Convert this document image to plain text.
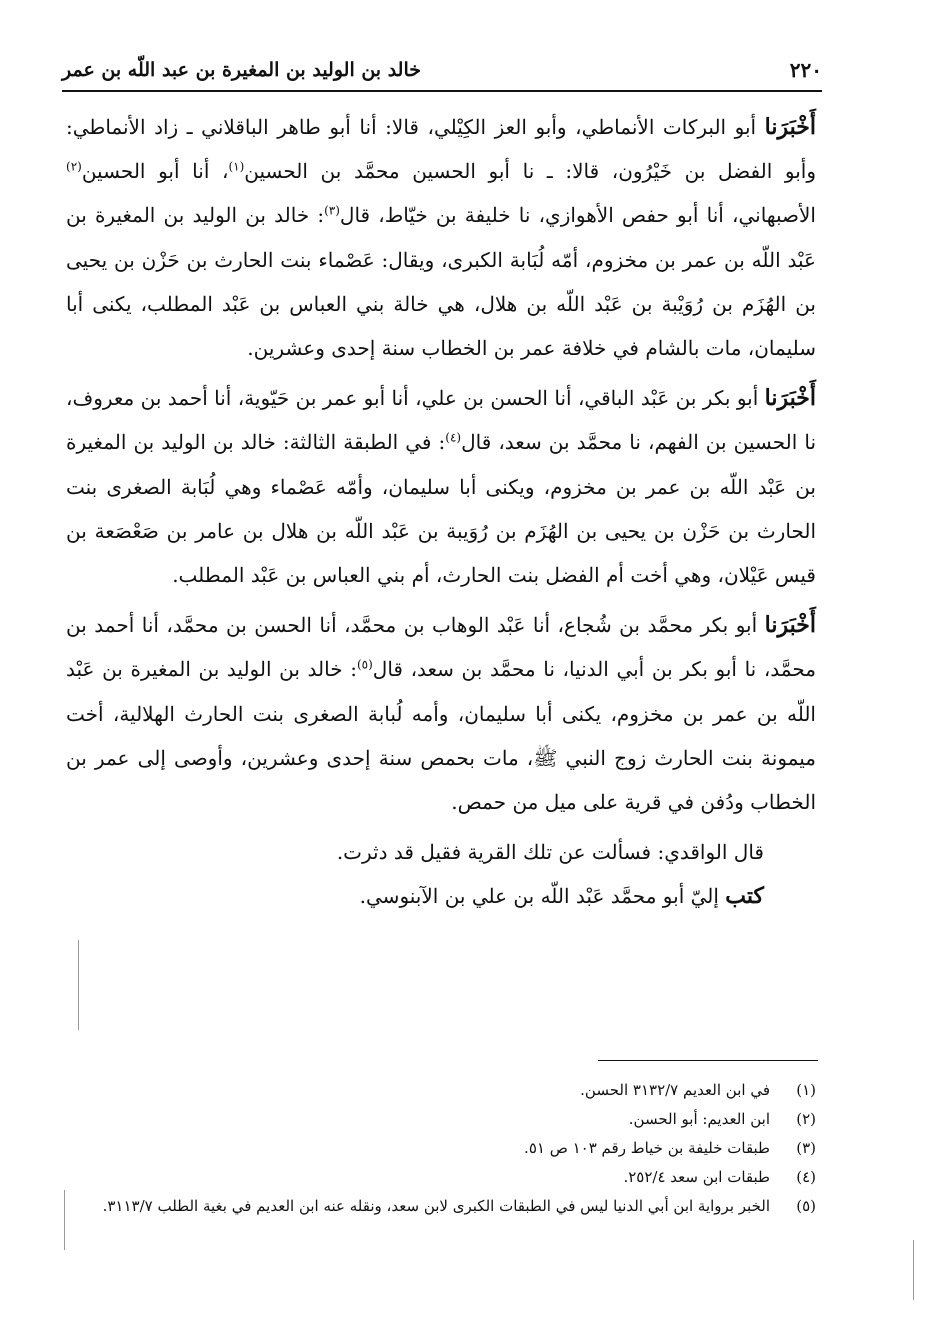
٢٢٠
خالد بن الوليد بن المغيرة بن عبد اللّه بن عمر

أَخْبَرَنا أبو البركات الأنماطي، وأبو العز الكِيْلي، قالا: أنا أبو طاهر الباقلاني ـ زاد الأنماطي: وأبو الفضل بن خَيْرُون، قالا: ـ نا أبو الحسين محمَّد بن الحسين$^{(١)}$، أنا أبو الحسين$^{(٢)}$ الأصبهاني، أنا أبو حفص الأهوازي، نا خليفة بن خيّاط، قال$^{(٣)}$: خالد بن الوليد بن المغيرة بن عَبْد اللّه بن عمر بن مخزوم، أمّه لُبَابة الكبرى، ويقال: عَصْماء بنت الحارث بن حَزْن بن يحيى بن الهُزَم بن رُوَيْبة بن عَبْد اللّه بن هلال، هي خالة بني العباس بن عَبْد المطلب، يكنى أبا سليمان، مات بالشام في خلافة عمر بن الخطاب سنة إحدى وعشرين.

أَخْبَرَنا أبو بكر بن عَبْد الباقي، أنا الحسن بن علي، أنا أبو عمر بن حَيّوية، أنا أحمد بن معروف، نا الحسين بن الفهم، نا محمَّد بن سعد، قال$^{(٤)}$: في الطبقة الثالثة: خالد بن الوليد بن المغيرة بن عَبْد اللّه بن عمر بن مخزوم، ويكنى أبا سليمان، وأمّه عَصْماء وهي لُبَابة الصغرى بنت الحارث بن حَزْن بن يحيى بن الهُزَم بن رُوَيبة بن عَبْد اللّه بن هلال بن عامر بن صَعْصَعة بن قيس عَيْلان، وهي أخت أم الفضل بنت الحارث، أم بني العباس بن عَبْد المطلب.

أَخْبَرَنا أبو بكر محمَّد بن شُجاع، أنا عَبْد الوهاب بن محمَّد، أنا الحسن بن محمَّد، أنا أحمد بن محمَّد، نا أبو بكر بن أبي الدنيا، نا محمَّد بن سعد، قال$^{(٥)}$: خالد بن الوليد بن المغيرة بن عَبْد اللّه بن عمر بن مخزوم، يكنى أبا سليمان، وأمه لُبابة الصغرى بنت الحارث الهلالية، أخت ميمونة بنت الحارث زوج النبي ﷺ، مات بحمص سنة إحدى وعشرين، وأوصى إلى عمر بن الخطاب ودُفن في قرية على ميل من حمص.

قال الواقدي: فسألت عن تلك القرية فقيل قد دثرت.

كتب إليّ أبو محمَّد عَبْد اللّه بن علي بن الآبنوسي.

(١)
في ابن العديم ٣١٣٢/٧ الحسن.
(٢)
ابن العديم: أبو الحسن.
(٣)
طبقات خليفة بن خياط رقم ١٠٣ ص ٥١.
(٤)
طبقات ابن سعد ٢٥٢/٤.
(٥)
الخبر برواية ابن أبي الدنيا ليس في الطبقات الكبرى لابن سعد، ونقله عنه ابن العديم في بغية الطلب ٣١١٣/٧.
